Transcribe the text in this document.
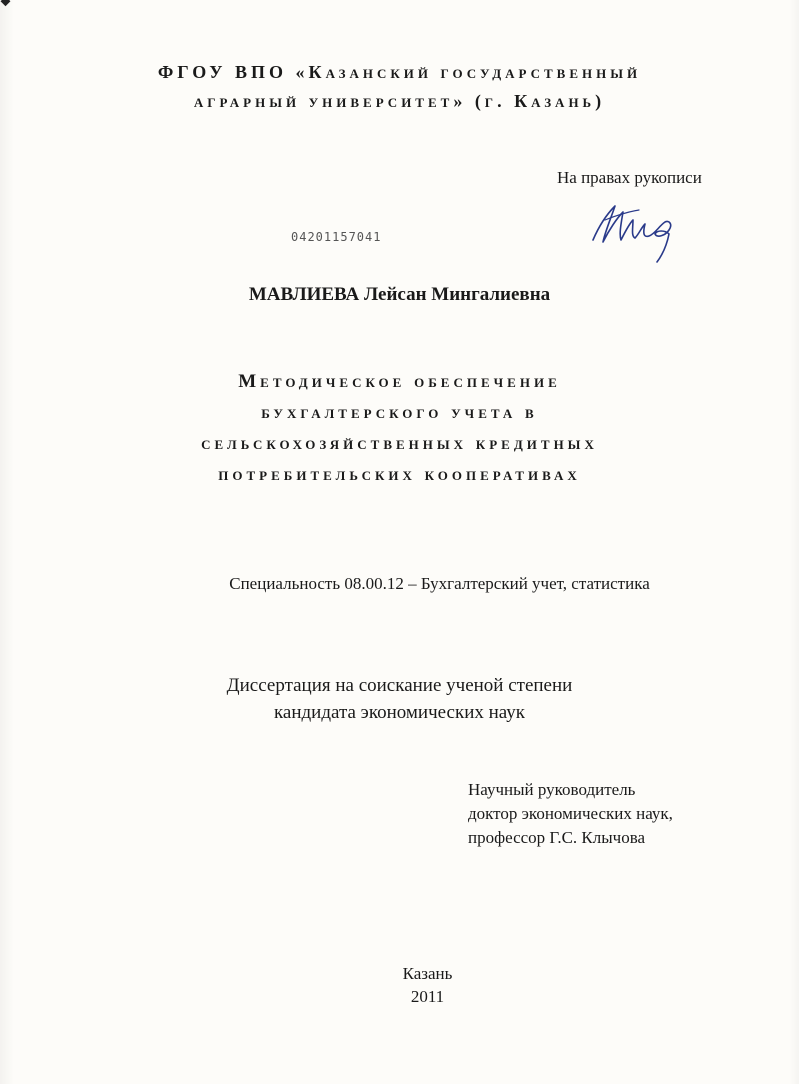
ФГОУ ВПО «Казанский государственный
аграрный университет» (г. Казань)
На правах рукописи
04201157041
МАВЛИЕВА Лейсан Мингалиевна
Методическое обеспечение
бухгалтерского учета в
сельскохозяйственных кредитных
потребительских кооперативах
Специальность 08.00.12 – Бухгалтерский учет, статистика
Диссертация на соискание ученой степени
кандидата экономических наук
Научный руководитель
доктор экономических наук,
профессор Г.С. Клычова
Казань
2011
